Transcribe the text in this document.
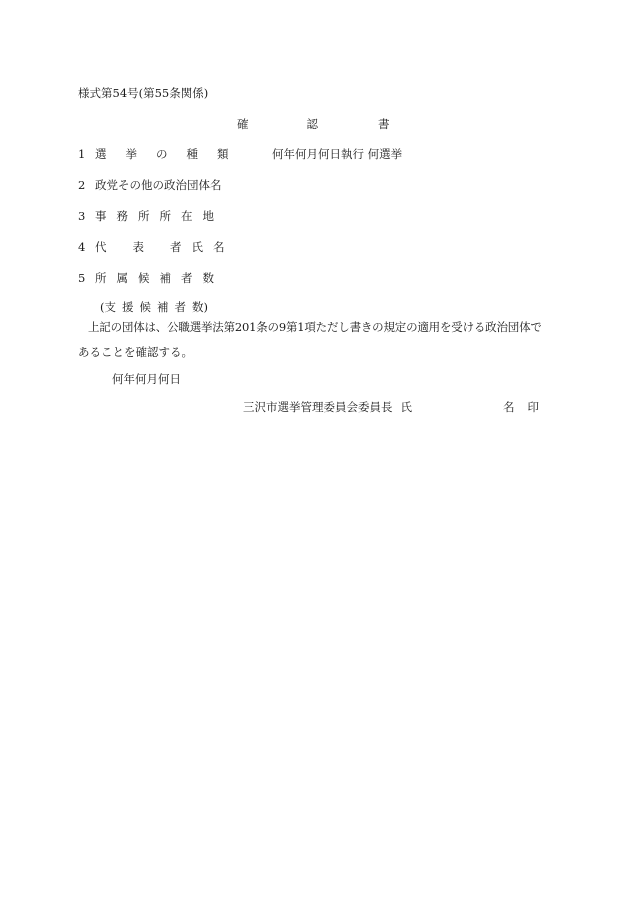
様式第54号(第55条関係)
確	認	書
1 選 挙 の 種 類	何年何月何日執行 何選挙
2 政党その他の政治団体名
3 事 務 所 所 在 地
4 代 表 者 氏 名
5 所 属 候 補 者 数
(支 援 候 補 者 数)
上記の団体は、公職選挙法第201条の9第1項ただし書きの規定の適用を受ける政治団体で
あることを確認する。
何年何月何日
三沢市選挙管理委員会委員長 氏	名 印
